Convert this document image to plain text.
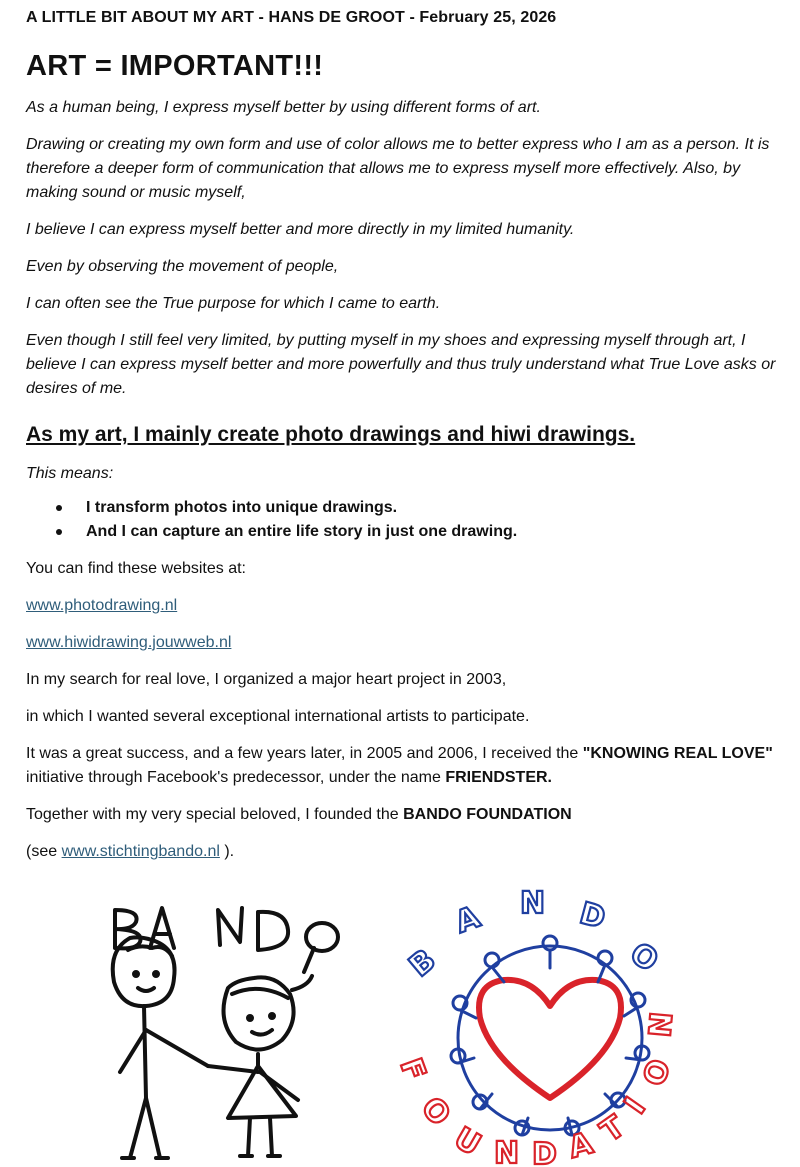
A LITTLE BIT ABOUT MY ART - HANS DE GROOT - February 25, 2026
ART = IMPORTANT!!!

As a human being, I express myself better by using different forms of art.

Drawing or creating my own form and use of color allows me to better express who I am as a person. It is therefore a deeper form of communication that allows me to express myself more effectively. Also, by making sound or music myself,

I believe I can express myself better and more directly in my limited humanity.

Even by observing the movement of people,

I can often see the True purpose for which I came to earth.

Even though I still feel very limited, by putting myself in my shoes and expressing myself through art, I believe I can express myself better and more powerfully and thus truly understand what True Love asks or desires of me.

As my art, I mainly create photo drawings and hiwi drawings.

This means:

I transform photos into unique drawings.
And I can capture an entire life story in just one drawing.

You can find these websites at:

www.photodrawing.nl

www.hiwidrawing.jouwweb.nl

In my search for real love, I organized a major heart project in 2003,

in which I wanted several exceptional international artists to participate.

It was a great success, and a few years later, in 2005 and 2006, I received the "KNOWING REAL LOVE" initiative through Facebook's predecessor, under the name FRIENDSTER.

Together with my very special beloved, I founded the BANDO FOUNDATION

(see www.stichtingbando.nl ).

B
A N D
O
F
O
U N D A
T
I
O
N
